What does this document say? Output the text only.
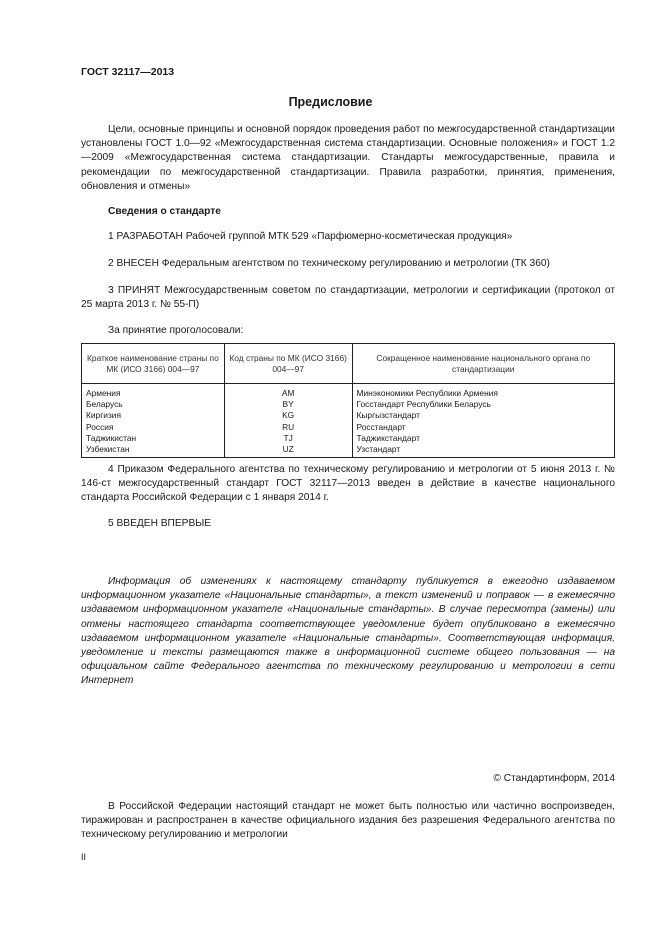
ГОСТ 32117—2013
Предисловие
Цели, основные принципы и основной порядок проведения работ по межгосударственной стандартизации установлены ГОСТ 1.0—92 «Межгосударственная система стандартизации. Основные положения» и ГОСТ 1.2—2009 «Межгосударственная система стандартизации. Стандарты межгосударственные, правила и рекомендации по межгосударственной стандартизации. Правила разработки, принятия, применения, обновления и отмены»
Сведения о стандарте
1 РАЗРАБОТАН Рабочей группой МТК 529 «Парфюмерно-косметическая продукция»
2 ВНЕСЕН Федеральным агентством по техническому регулированию и метрологии (ТК 360)
3 ПРИНЯТ Межгосударственным советом по стандартизации, метрологии и сертификации (протокол от 25 марта 2013 г. № 55-П)
За принятие проголосовали:
Краткое наименование страны по МК (ИСО 3166) 004—97	Код страны по МК (ИСО 3166) 004—97	Сокращенное наименование национального органа по стандартизации
Армения	AM	Минэкономики Республики Армения
Беларусь	BY	Госстандарт Республики Беларусь
Киргизия	KG	Кыргызстандарт
Россия	RU	Росстандарт
Таджикистан	TJ	Таджикстандарт
Узбекистан	UZ	Узстандарт
4 Приказом Федерального агентства по техническому регулированию и метрологии от 5 июня 2013 г. № 146-ст межгосударственный стандарт ГОСТ 32117—2013 введен в действие в качестве национального стандарта Российской Федерации с 1 января 2014 г.
5 ВВЕДЕН ВПЕРВЫЕ
Информация об изменениях к настоящему стандарту публикуется в ежегодно издаваемом информационном указателе «Национальные стандарты», а текст изменений и поправок — в ежемесячно издаваемом информационном указателе «Национальные стандарты». В случае пересмотра (замены) или отмены настоящего стандарта соответствующее уведомление будет опубликовано в ежемесячно издаваемом информационном указателе «Национальные стандарты». Соответствующая информация, уведомление и тексты размещаются также в информационной системе общего пользования — на официальном сайте Федерального агентства по техническому регулированию и метрологии в сети Интернет
© Стандартинформ, 2014
В Российской Федерации настоящий стандарт не может быть полностью или частично воспроизведен, тиражирован и распространен в качестве официального издания без разрешения Федерального агентства по техническому регулированию и метрологии
II
